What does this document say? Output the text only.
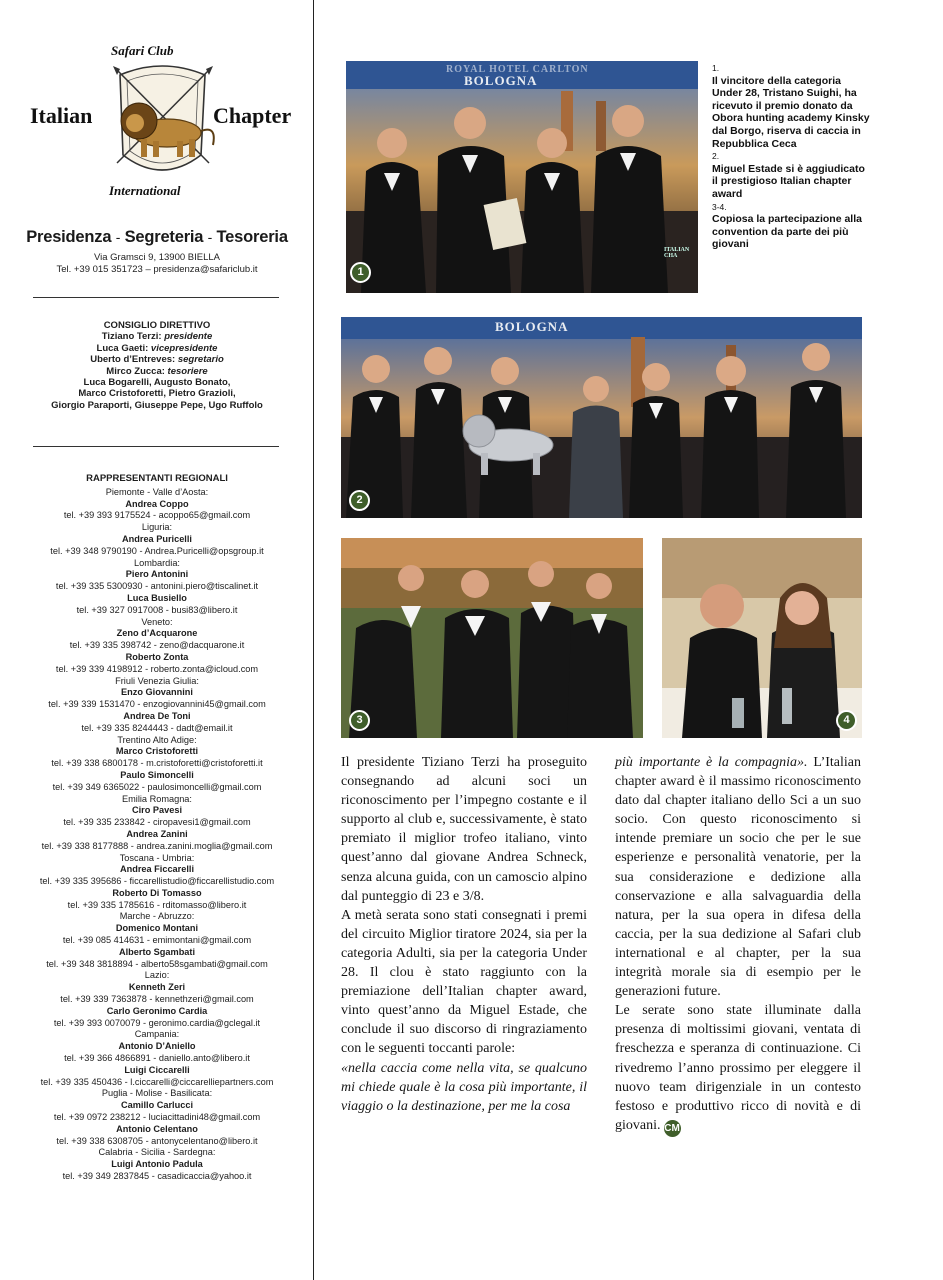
Safari Club
Italian	Chapter
International
Presidenza - Segreteria - Tesoreria
Via Gramsci 9, 13900 BIELLA
Tel. +39 015 351723 – presidenza@safariclub.it
CONSIGLIO DIRETTIVO
Tiziano Terzi: presidente
Luca Gaeti: vicepresidente
Uberto d’Entreves: segretario
Mirco Zucca: tesoriere
Luca Bogarelli, Augusto Bonato,
Marco Cristoforetti, Pietro Grazioli,
Giorgio Paraporti, Giuseppe Pepe, Ugo Ruffolo
RAPPRESENTANTI REGIONALI
Piemonte - Valle d’Aosta:
Andrea Coppo
tel. +39 393 9175524 - acoppo65@gmail.com
Liguria:
Andrea Puricelli
tel. +39 348 9790190 - Andrea.Puricelli@opsgroup.it
Lombardia:
Piero Antonini
tel. +39 335 5300930 - antonini.piero@tiscalinet.it
Luca Busiello
tel. +39 327 0917008 - busi83@libero.it
Veneto:
Zeno d’Acquarone
tel. +39 335 398742 - zeno@dacquarone.it
Roberto Zonta
tel. +39 339 4198912 - roberto.zonta@icloud.com
Friuli Venezia Giulia:
Enzo Giovannini
tel. +39 339 1531470 - enzogiovannini45@gmail.com
Andrea De Toni
tel. +39 335 8244443 - dadt@email.it
Trentino Alto Adige:
Marco Cristoforetti
tel. +39 338 6800178 - m.cristoforetti@cristoforetti.it
Paulo Simoncelli
tel. +39 349 6365022 - paulosimoncelli@gmail.com
Emilia Romagna:
Ciro Pavesi
tel. +39 335 233842 - ciropavesi1@gmail.com
Andrea Zanini
tel. +39 338 8177888 - andrea.zanini.moglia@gmail.com
Toscana - Umbria:
Andrea Ficcarelli
tel. +39 335 395686 - ficcarellistudio@ficcarellistudio.com
Roberto Di Tomasso
tel. +39 335 1785616 - rditomasso@libero.it
Marche - Abruzzo:
Domenico Montani
tel. +39 085 414631 - emimontani@gmail.com
Alberto Sgambati
tel. +39 348 3818894 - alberto58sgambati@gmail.com
Lazio:
Kenneth Zeri
tel. +39 339 7363878 - kennethzeri@gmail.com
Carlo Geronimo Cardia
tel. +39 393 0070079 - geronimo.cardia@gclegal.it
Campania:
Antonio D’Aniello
tel. +39 366 4866891 - daniello.anto@libero.it
Luigi Ciccarelli
tel. +39 335 450436 - l.ciccarelli@ciccarelliepartners.com
Puglia - Molise - Basilicata:
Camillo Carlucci
tel. +39 0972 238212 - luciacittadini48@gmail.com
Antonio Celentano
tel. +39 338 6308705 - antonycelentano@libero.it
Calabria - Sicilia - Sardegna:
Luigi Antonio Padula
tel. +39 349 2837845 - casadicaccia@yahoo.it
ROYAL HOTEL CARLTON
BOLOGNA
ITALIAN CHA
1
BOLOGNA
2
3	4
1.
Il vincitore della categoria Under 28, Tristano Suighi, ha ricevuto il premio donato da Obora hunting academy Kinsky dal Borgo, riserva di caccia in Repubblica Ceca
2.
Miguel Estade si è aggiudicato il prestigioso Italian chapter award
3-4.
Copiosa la partecipazione alla convention da parte dei più giovani

Il presidente Tiziano Terzi ha proseguito consegnando ad alcuni soci un riconoscimento per l’impegno costante e il supporto al club e, successivamente, è stato premiato il miglior trofeo italiano, vinto quest’anno dal giovane Andrea Schneck, senza alcuna guida, con un camoscio alpino dal punteggio di 23 e 3/8.

A metà serata sono stati consegnati i premi del circuito Miglior tiratore 2024, sia per la categoria Adulti, sia per la categoria Under 28. Il clou è stato raggiunto con la premiazione dell’Italian chapter award, vinto quest’anno da Miguel Estade, che conclude il suo discorso di ringraziamento con le seguenti toccanti parole:

«nella caccia come nella vita, se qualcuno mi chiede quale è la cosa più importante, il viaggio o la destinazione, per me la cosa

più importante è la compagnia». L’Italian chapter award è il massimo riconoscimento dato dal chapter italiano dello Sci a un suo socio. Con questo riconoscimento si intende premiare un socio che per le sue esperienze e personalità venatorie, per la sua considerazione e dedizione alla conservazione e alla salvaguardia della natura, per la sua opera in difesa della caccia, per la sua dedizione al Safari club international e al chapter, per la sua integrità morale sia di esempio per le generazioni future.

Le serate sono state illuminate dalla presenza di moltissimi giovani, ventata di freschezza e speranza di continuazione. Ci rivedremo l’anno prossimo per eleggere il nuovo team dirigenziale in un contesto festoso e produttivo ricco di novità e di giovani. CM
